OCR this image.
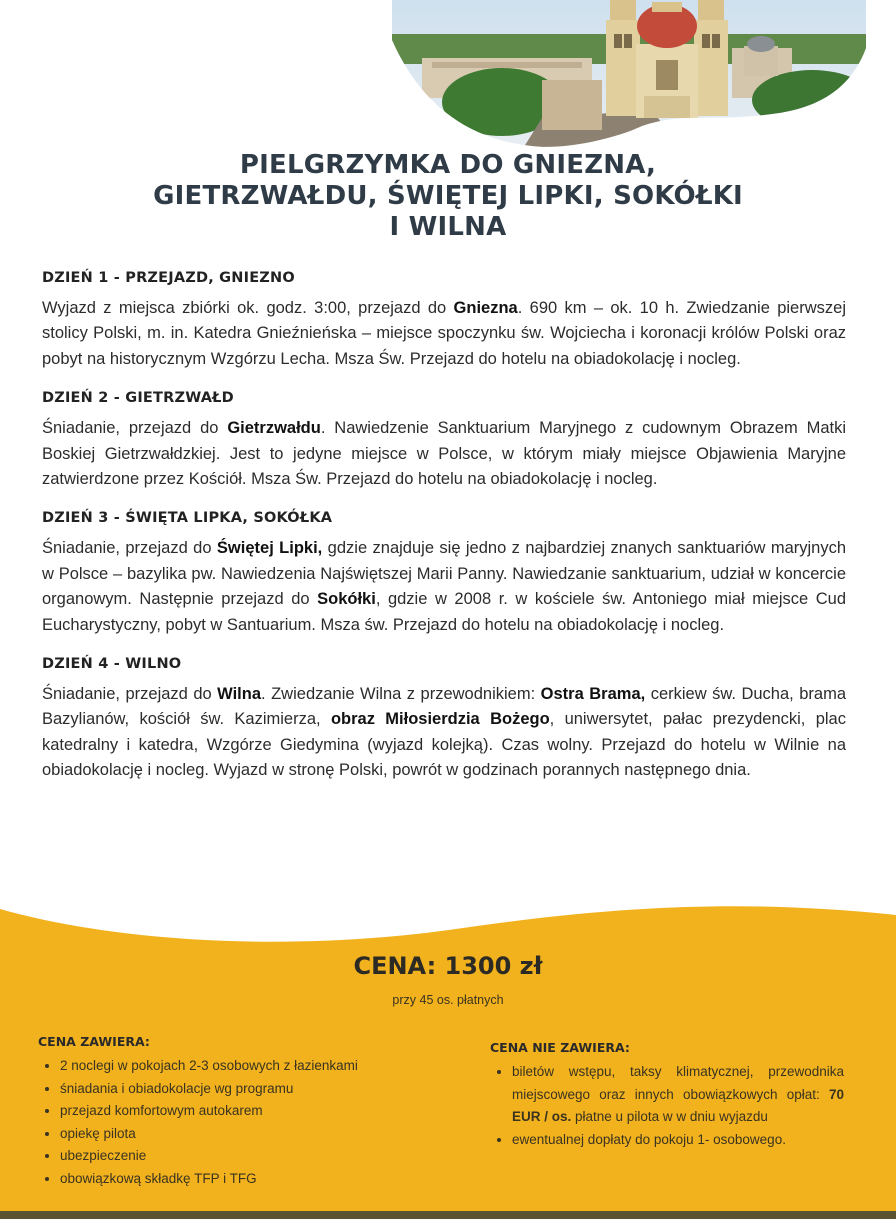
PIELGRZYMKA DO GNIEZNA,
GIETRZWAŁDU, ŚWIĘTEJ LIPKI, SOKÓŁKI
I WILNA
DZIEŃ 1 - PRZEJAZD, GNIEZNO

Wyjazd z miejsca zbiórki ok. godz. 3:00, przejazd do Gniezna. 690 km – ok. 10 h. Zwiedzanie pierwszej stolicy Polski, m. in. Katedra Gnieźnieńska – miejsce spoczynku św. Wojciecha i koronacji królów Polski oraz pobyt na historycznym Wzgórzu Lecha. Msza Św. Przejazd do hotelu na obiadokolację i nocleg.

DZIEŃ 2 - GIETRZWAŁD

Śniadanie, przejazd do Gietrzwałdu. Nawiedzenie Sanktuarium Maryjnego z cudownym Obrazem Matki Boskiej Gietrzwałdzkiej. Jest to jedyne miejsce w Polsce, w którym miały miejsce Objawienia Maryjne zatwierdzone przez Kościół. Msza Św. Przejazd do hotelu na obiadokolację i nocleg.

DZIEŃ 3 - ŚWIĘTA LIPKA, SOKÓŁKA

Śniadanie, przejazd do Świętej Lipki, gdzie znajduje się jedno z najbardziej znanych sanktuariów maryjnych w Polsce – bazylika pw. Nawiedzenia Najświętszej Marii Panny. Nawiedzanie sanktuarium, udział w koncercie organowym. Następnie przejazd do Sokółki, gdzie w 2008 r. w kościele św. Antoniego miał miejsce Cud Eucharystyczny, pobyt w Santuarium. Msza św. Przejazd do hotelu na obiadokolację i nocleg.

DZIEŃ 4 - WILNO

Śniadanie, przejazd do Wilna. Zwiedzanie Wilna z przewodnikiem: Ostra Brama, cerkiew św. Ducha, brama Bazylianów, kościół św. Kazimierza, obraz Miłosierdzia Bożego, uniwersytet, pałac prezydencki, plac katedralny i katedra, Wzgórze Giedymina (wyjazd kolejką). Czas wolny. Przejazd do hotelu w Wilnie na obiadokolację i nocleg. Wyjazd w stronę Polski, powrót w godzinach porannych następnego dnia.

CENA: 1300 zł
przy 45 os. płatnych
CENA ZAWIERA:
• 2 noclegi w pokojach 2-3 osobowych z łazienkami
• śniadania i obiadokolacje wg programu
• przejazd komfortowym autokarem
• opiekę pilota
• ubezpieczenie
• obowiązkową składkę TFP i TFG
CENA NIE ZAWIERA:
• biletów wstępu, taksy klimatycznej, przewodnika miejscowego oraz innych obowiązkowych opłat: 70 EUR / os. płatne u pilota w w dniu wyjazdu
• ewentualnej dopłaty do pokoju 1- osobowego.
